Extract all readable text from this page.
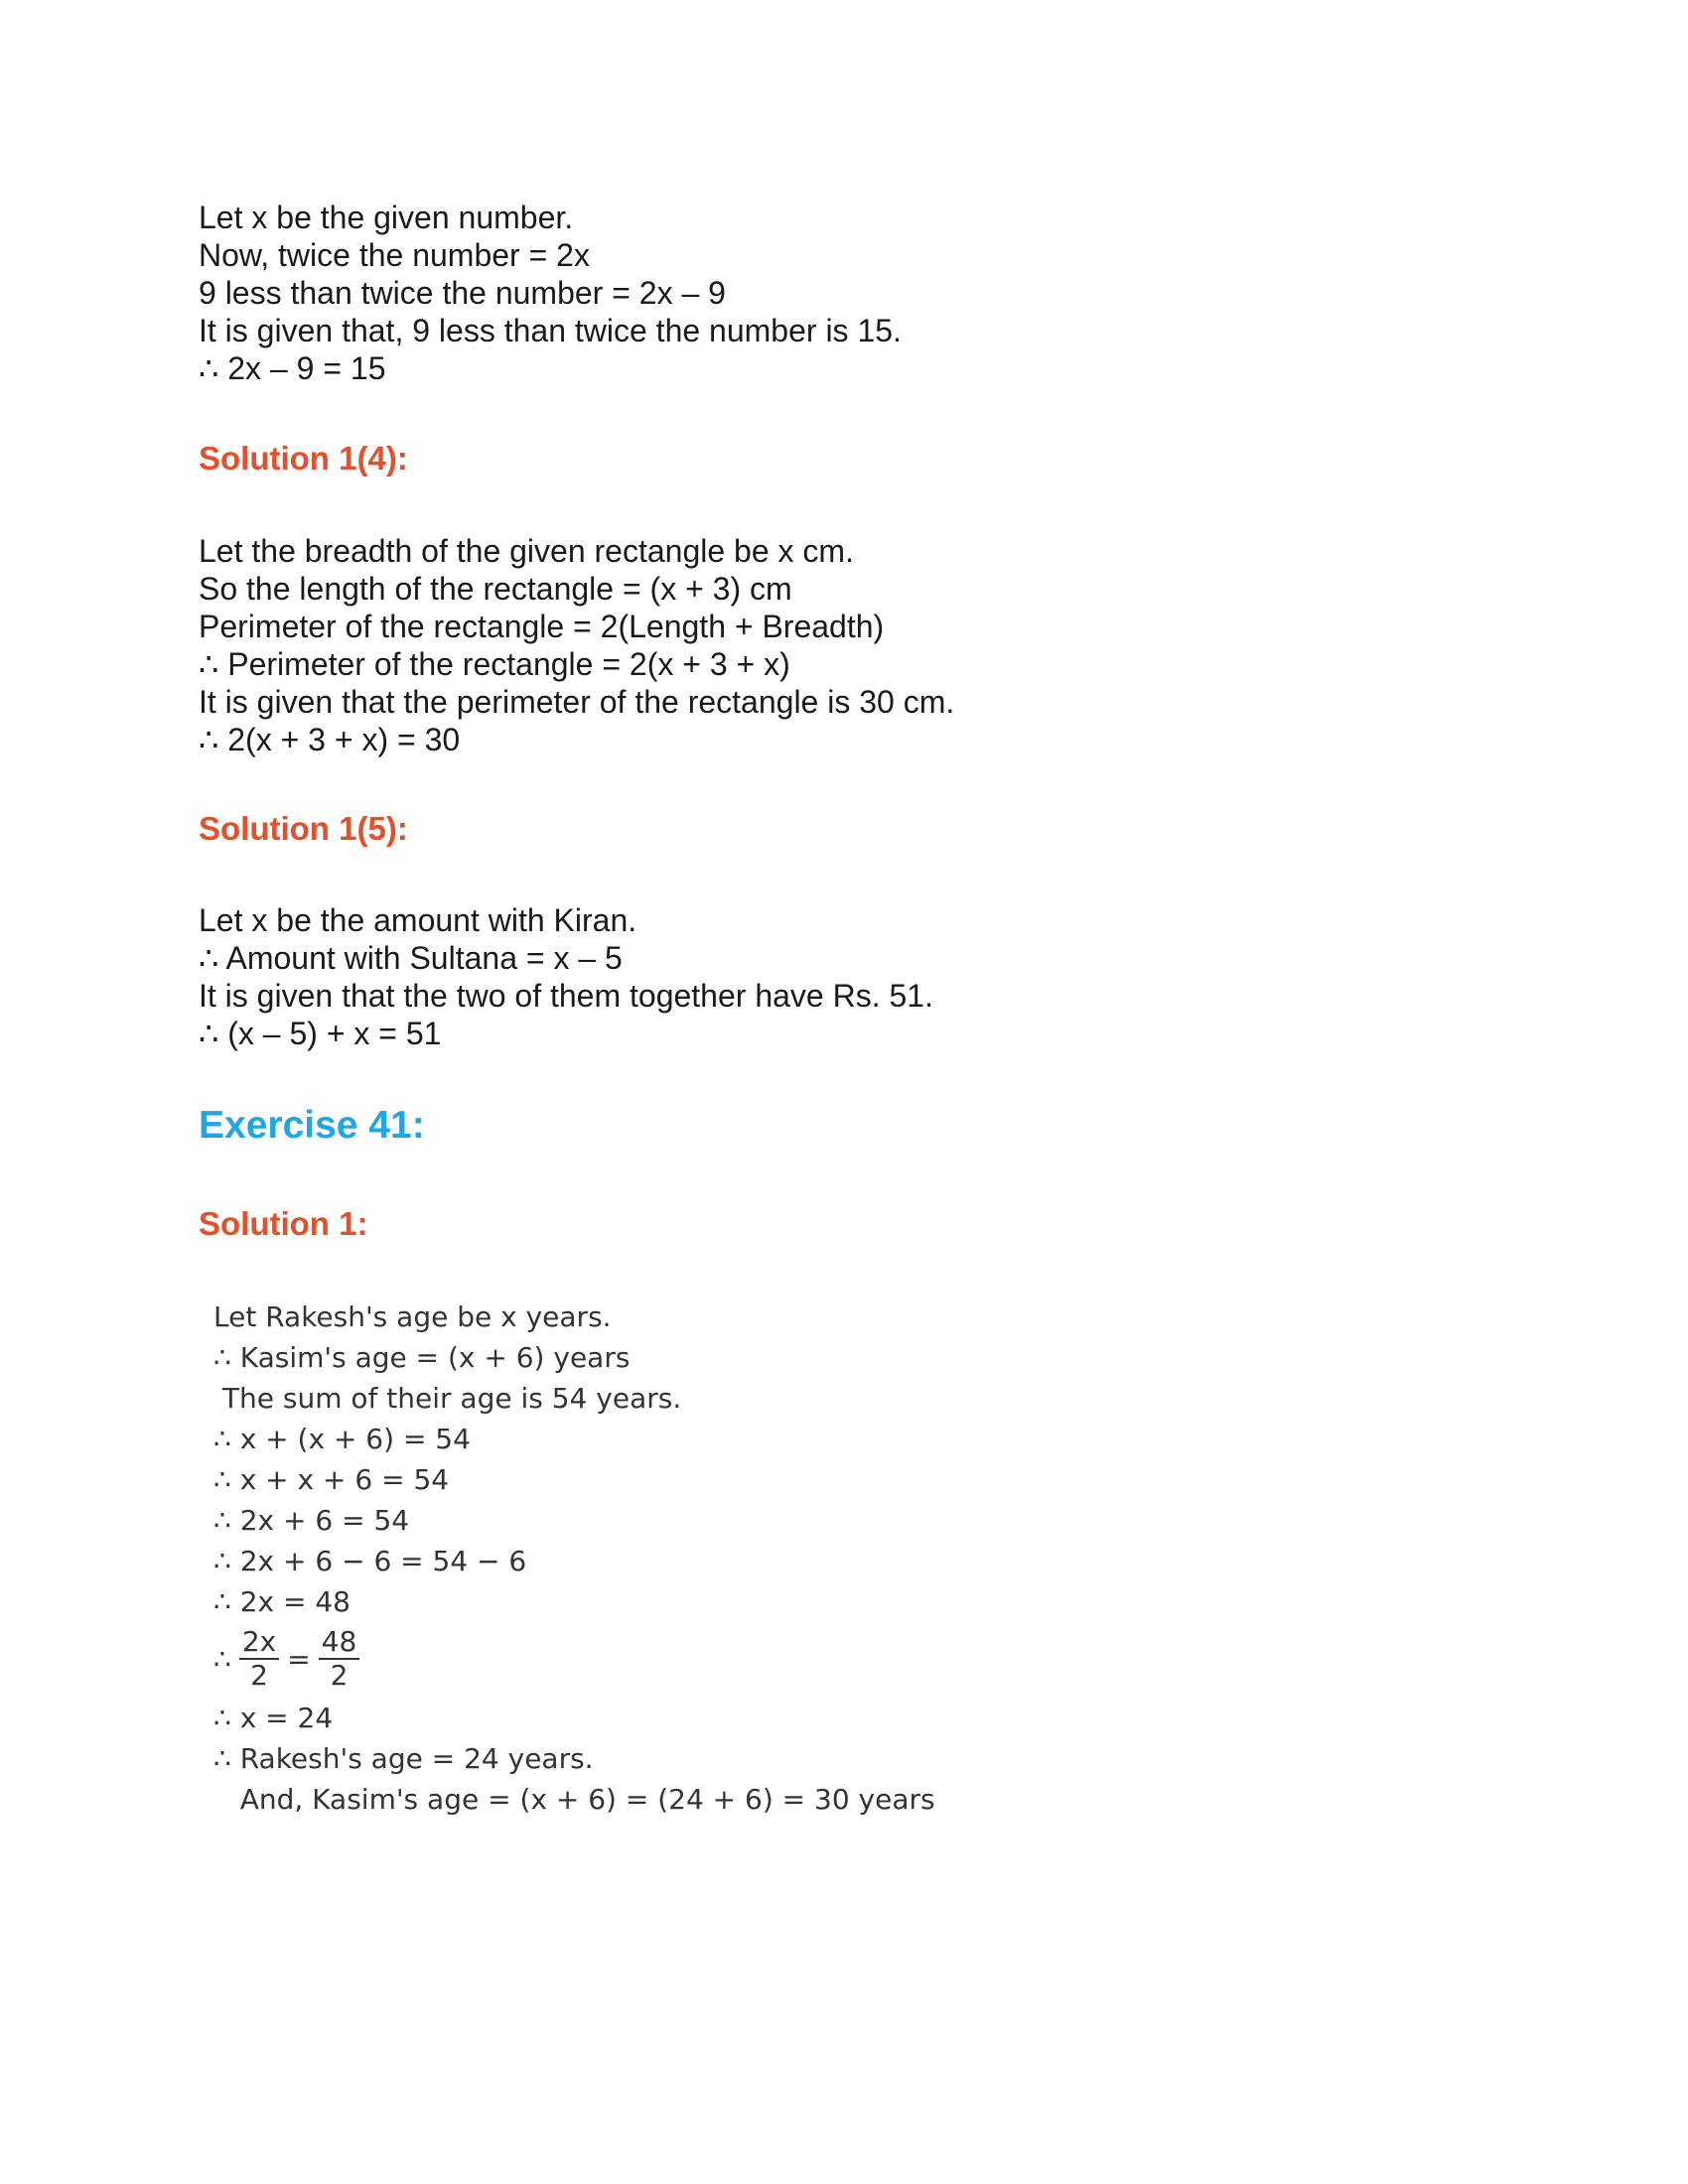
Let x be the given number.
Now, twice the number = 2x
9 less than twice the number = 2x – 9
It is given that, 9 less than twice the number is 15.
∴ 2x – 9 = 15
Solution 1(4):
Let the breadth of the given rectangle be x cm.
So the length of the rectangle = (x + 3) cm
Perimeter of the rectangle = 2(Length + Breadth)
∴ Perimeter of the rectangle = 2(x + 3 + x)
It is given that the perimeter of the rectangle is 30 cm.
∴ 2(x + 3 + x) = 30
Solution 1(5):
Let x be the amount with Kiran.
∴ Amount with Sultana = x – 5
It is given that the two of them together have Rs. 51.
∴ (x – 5) + x = 51
Exercise 41:
Solution 1:
Let Rakesh's age be x years.
∴ Kasim's age = (x + 6) years
The sum of their age is 54 years.
∴ x + (x + 6) = 54
∴ x + x + 6 = 54
∴ 2x + 6 = 54
∴ 2x + 6 − 6 = 54 − 6
∴ 2x = 48
∴ $\frac{2x}{2} = \frac{48}{2}$
∴ x = 24
∴ Rakesh's age = 24 years.
And, Kasim's age = (x + 6) = (24 + 6) = 30 years
